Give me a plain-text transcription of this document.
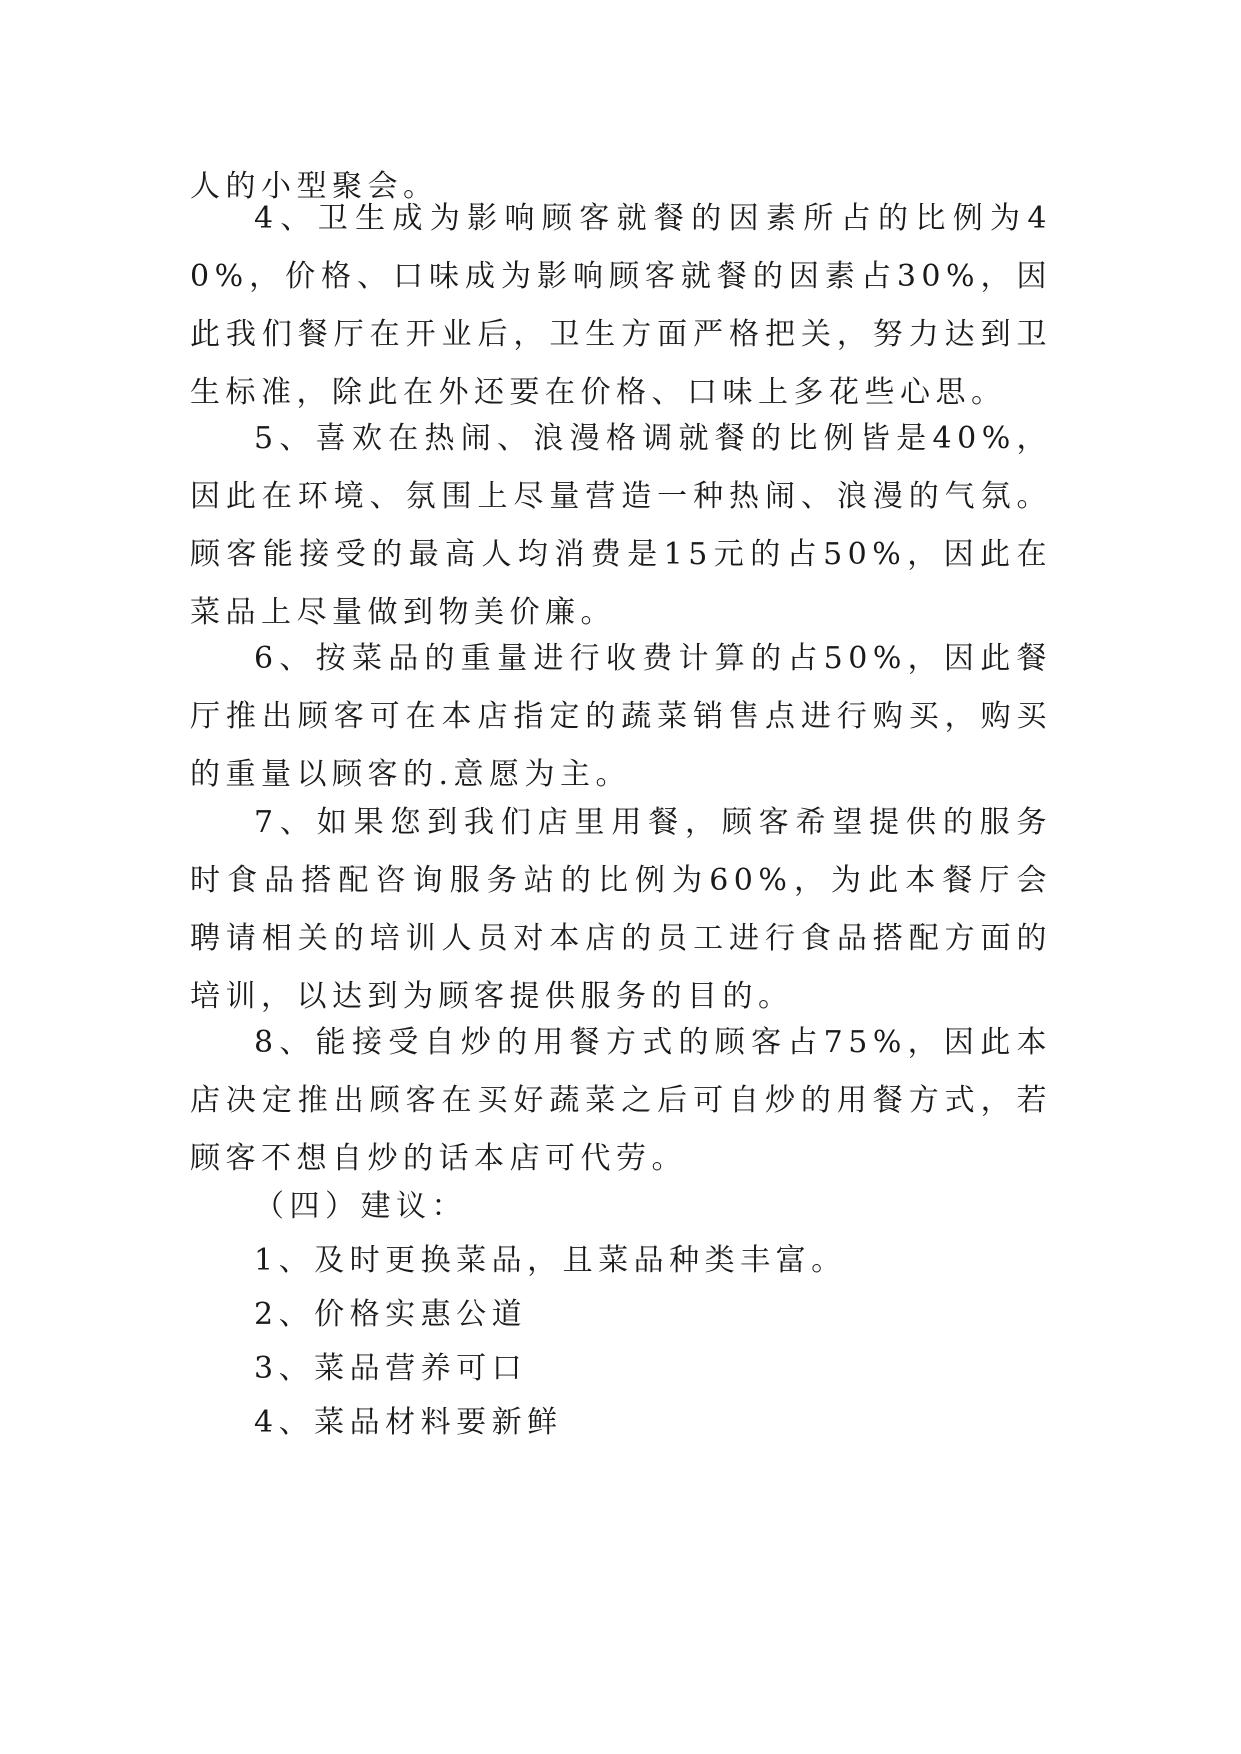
人的小型聚会。

4、卫生成为影响顾客就餐的因素所占的比例为40%，价格、口味成为影响顾客就餐的因素占30%，因此我们餐厅在开业后，卫生方面严格把关，努力达到卫生标准，除此在外还要在价格、口味上多花些心思。

5、喜欢在热闹、浪漫格调就餐的比例皆是40%，因此在环境、氛围上尽量营造一种热闹、浪漫的气氛。顾客能接受的最高人均消费是15元的占50%，因此在菜品上尽量做到物美价廉。

6、按菜品的重量进行收费计算的占50%，因此餐厅推出顾客可在本店指定的蔬菜销售点进行购买，购买的重量以顾客的.意愿为主。

7、如果您到我们店里用餐，顾客希望提供的服务时食品搭配咨询服务站的比例为60%，为此本餐厅会聘请相关的培训人员对本店的员工进行食品搭配方面的培训，以达到为顾客提供服务的目的。

8、能接受自炒的用餐方式的顾客占75%，因此本店决定推出顾客在买好蔬菜之后可自炒的用餐方式，若顾客不想自炒的话本店可代劳。

（四）建议：

1、及时更换菜品，且菜品种类丰富。

2、价格实惠公道

3、菜品营养可口

4、菜品材料要新鲜
